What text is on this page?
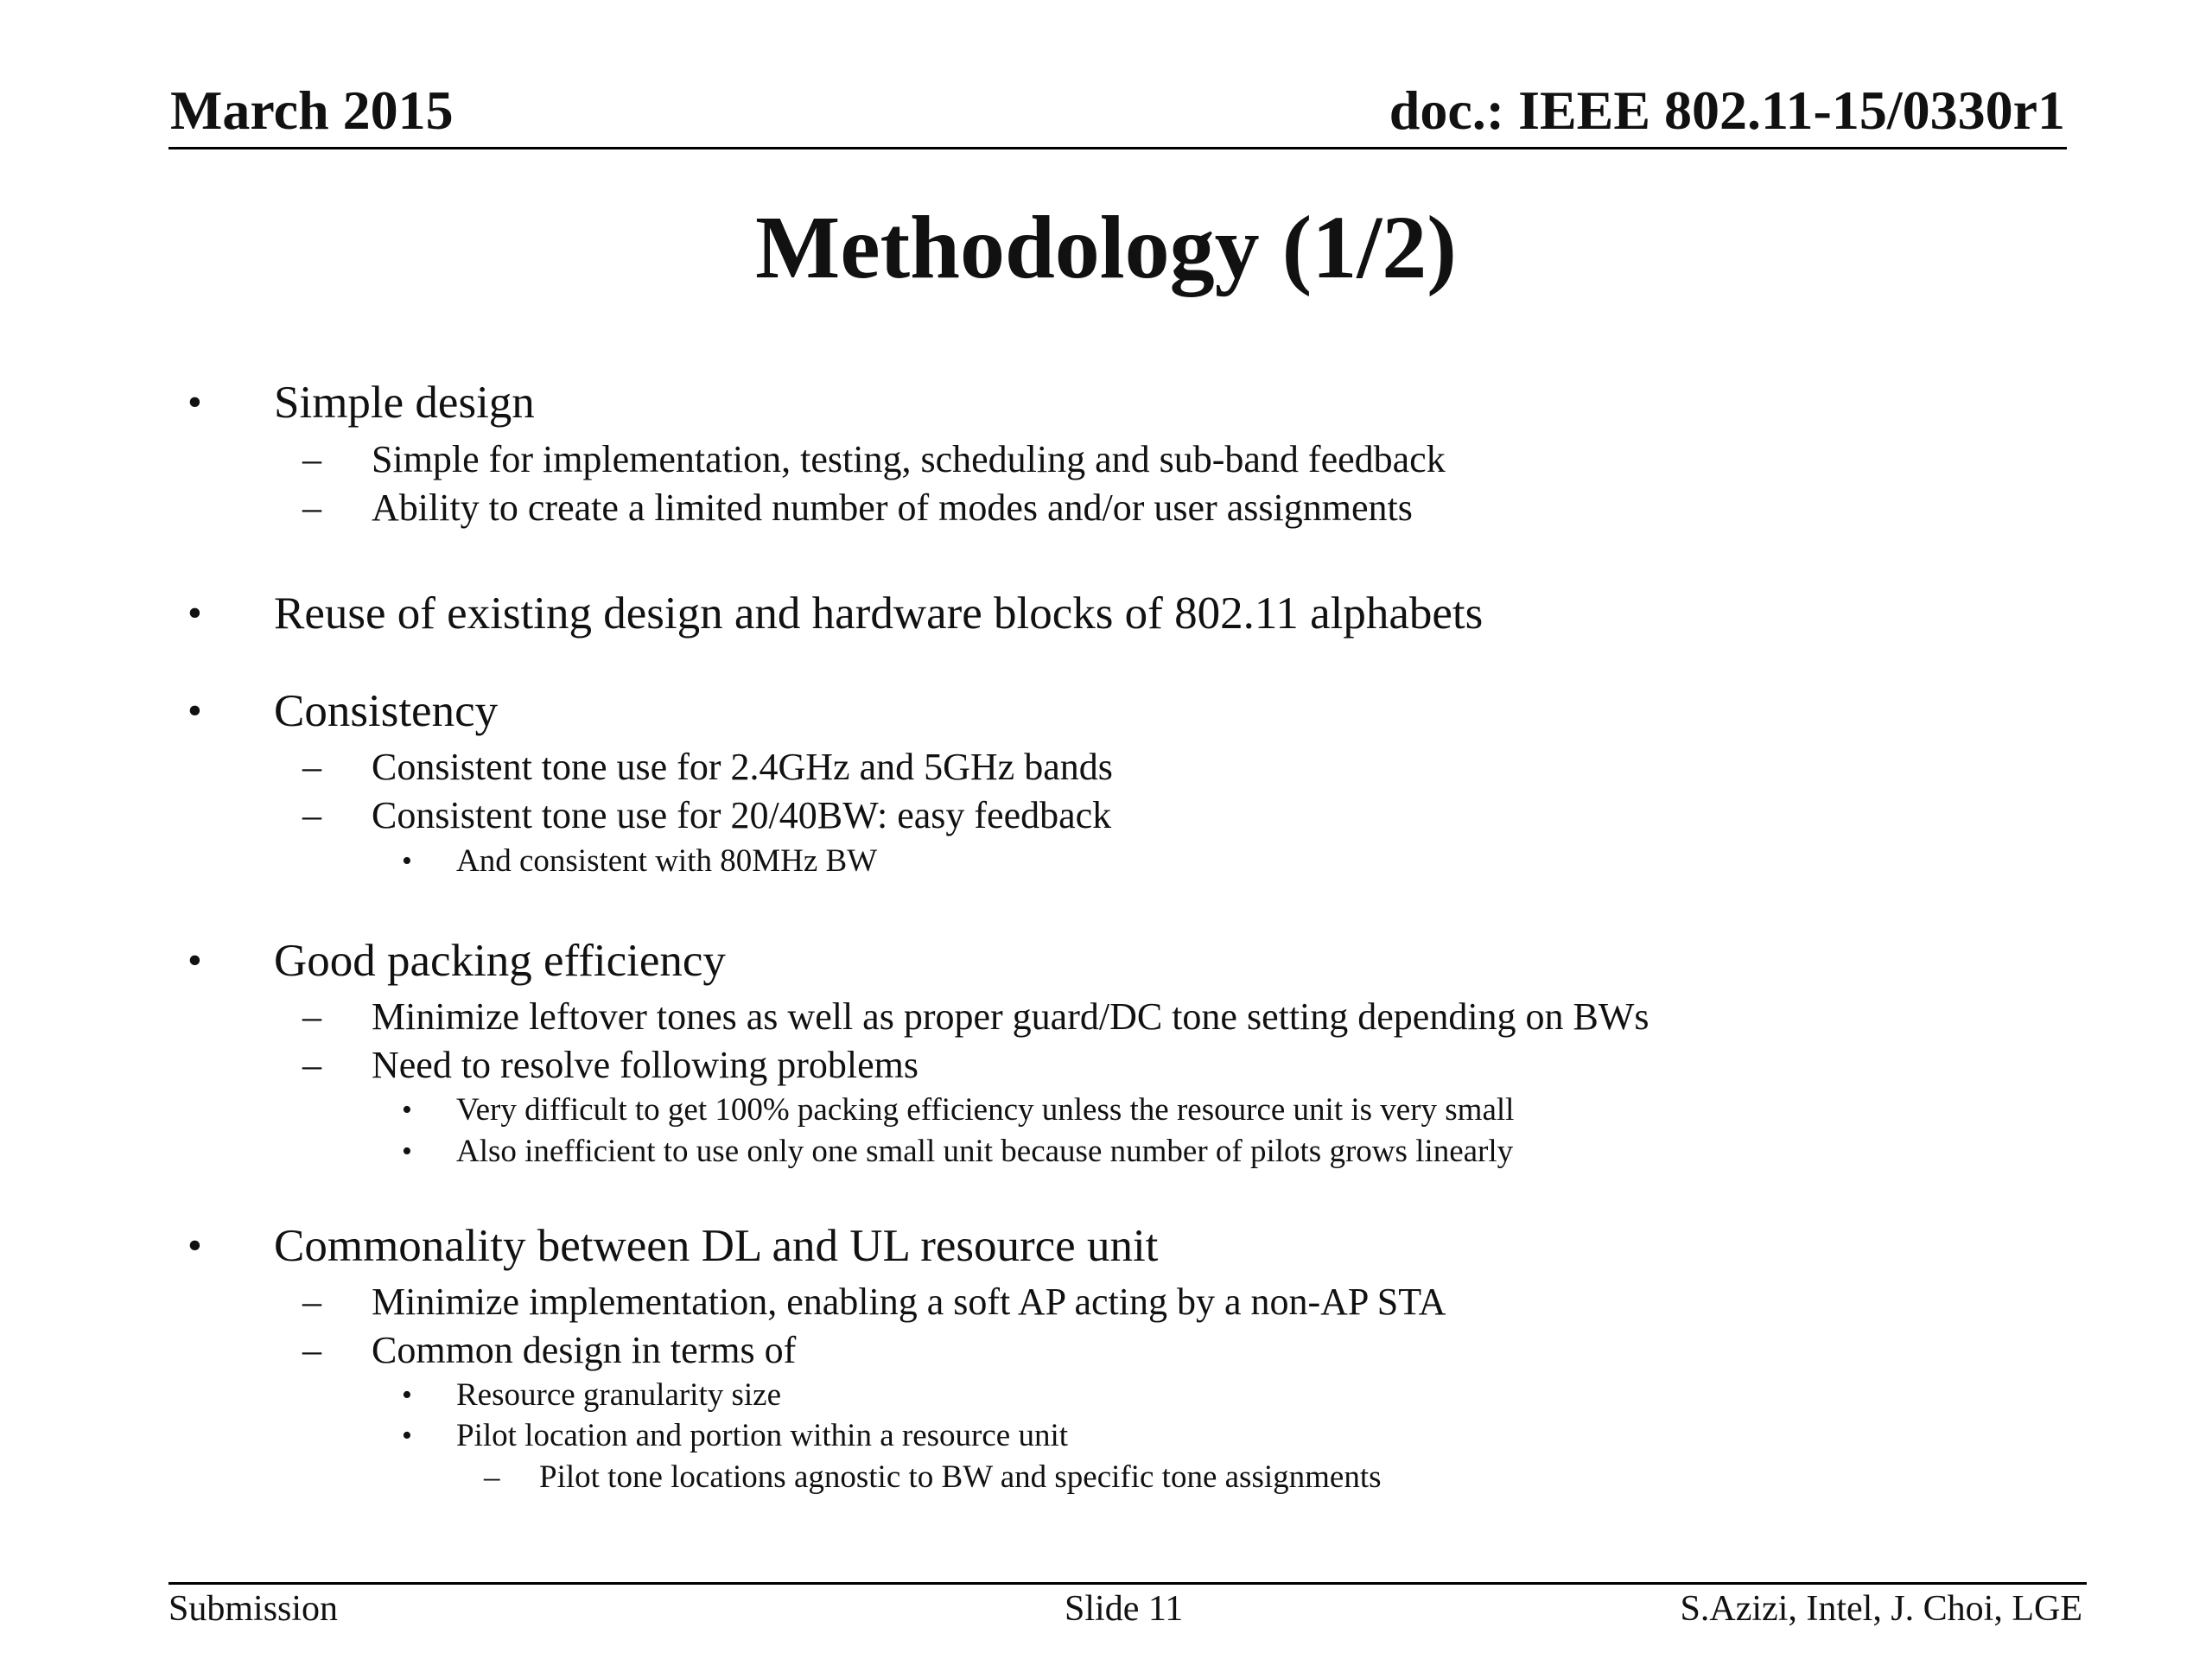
March 2015	doc.: IEEE 802.11-15/0330r1
Methodology (1/2)
• Simple design
– Simple for implementation, testing, scheduling and sub-band feedback
– Ability to create a limited number of modes and/or user assignments
• Reuse of existing design and hardware blocks of 802.11 alphabets
• Consistency
– Consistent tone use for 2.4GHz and 5GHz bands
– Consistent tone use for 20/40BW: easy feedback
• And consistent with 80MHz BW
• Good packing efficiency
– Minimize leftover tones as well as proper guard/DC tone setting depending on BWs
– Need to resolve following problems
• Very difficult to get 100% packing efficiency unless the resource unit is very small
• Also inefficient to use only one small unit because number of pilots grows linearly
• Commonality between DL and UL resource unit
– Minimize implementation, enabling a soft AP acting by a non-AP STA
– Common design in terms of
• Resource granularity size
• Pilot location and portion within a resource unit
– Pilot tone locations agnostic to BW and specific tone assignments
Submission	Slide 11	S.Azizi, Intel, J. Choi, LGE
